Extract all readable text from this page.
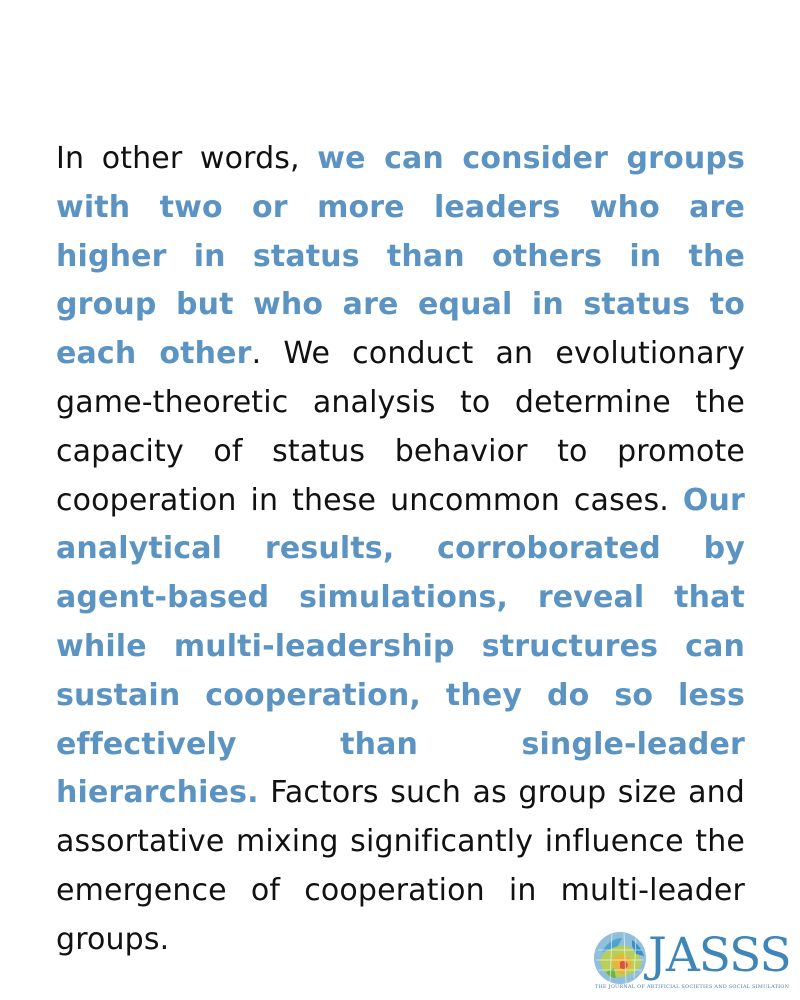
In other words, we can consider groups with two or more leaders who are higher in status than others in the group but who are equal in status to each other. We conduct an evolutionary game-theoretic analysis to determine the capacity of status behavior to promote cooperation in these uncommon cases. Our analytical results, corroborated by agent-based simulations, reveal that while multi-leadership structures can sustain cooperation, they do so less effectively than single-leader hierarchies. Factors such as group size and assortative mixing significantly influence the emergence of cooperation in multi-leader groups.	JASSS
THE JOURNAL OF ARTIFICIAL SOCIETIES AND SOCIAL SIMULATION
